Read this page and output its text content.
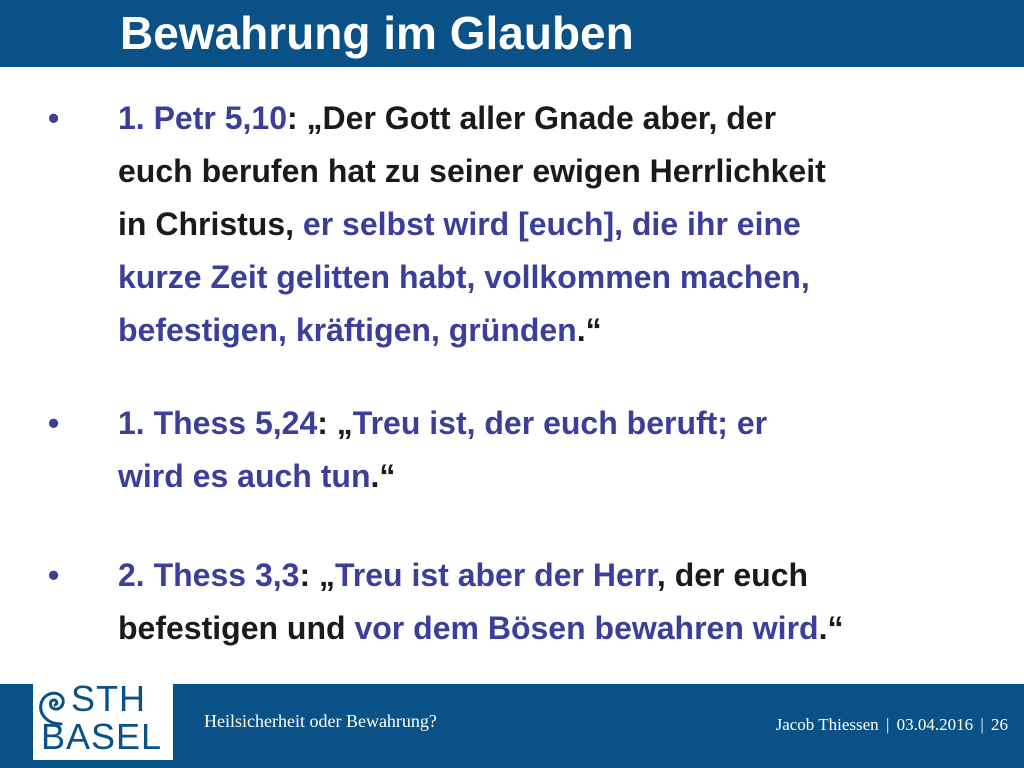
Bewahrung im Glauben
• 1. Petr 5,10: „Der Gott aller Gnade aber, der
euch berufen hat zu seiner ewigen Herrlichkeit
in Christus, er selbst wird [euch], die ihr eine
kurze Zeit gelitten habt, vollkommen machen,
befestigen, kräftigen, gründen.“
• 1. Thess 5,24: „Treu ist, der euch beruft; er
wird es auch tun.“
• 2. Thess 3,3: „Treu ist aber der Herr, der euch
befestigen und vor dem Bösen bewahren wird.“
STH
BASEL Heilsicherheit oder Bewahrung?	Jacob Thiessen | 03.04.2016 | 26
